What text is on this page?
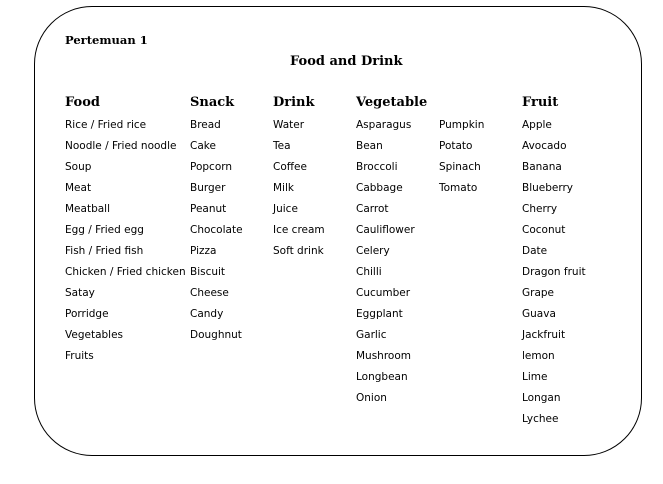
Pertemuan 1
Food and Drink
Food
Rice / Fried rice
Noodle / Fried noodle
Soup
Meat
Meatball
Egg / Fried egg
Fish / Fried fish
Chicken / Fried chicken
Satay
Porridge
Vegetables
Fruits
Snack
Bread
Cake
Popcorn
Burger
Peanut
Chocolate
Pizza
Biscuit
Cheese
Candy
Doughnut
Drink
Water
Tea
Coffee
Milk
Juice
Ice cream
Soft drink
Vegetable
Asparagus
Bean
Broccoli
Cabbage
Carrot
Cauliflower
Celery
Chilli
Cucumber
Eggplant
Garlic
Mushroom
Longbean
Onion
Pumpkin
Potato
Spinach
Tomato
Fruit
Apple
Avocado
Banana
Blueberry
Cherry
Coconut
Date
Dragon fruit
Grape
Guava
Jackfruit
lemon
Lime
Longan
Lychee
